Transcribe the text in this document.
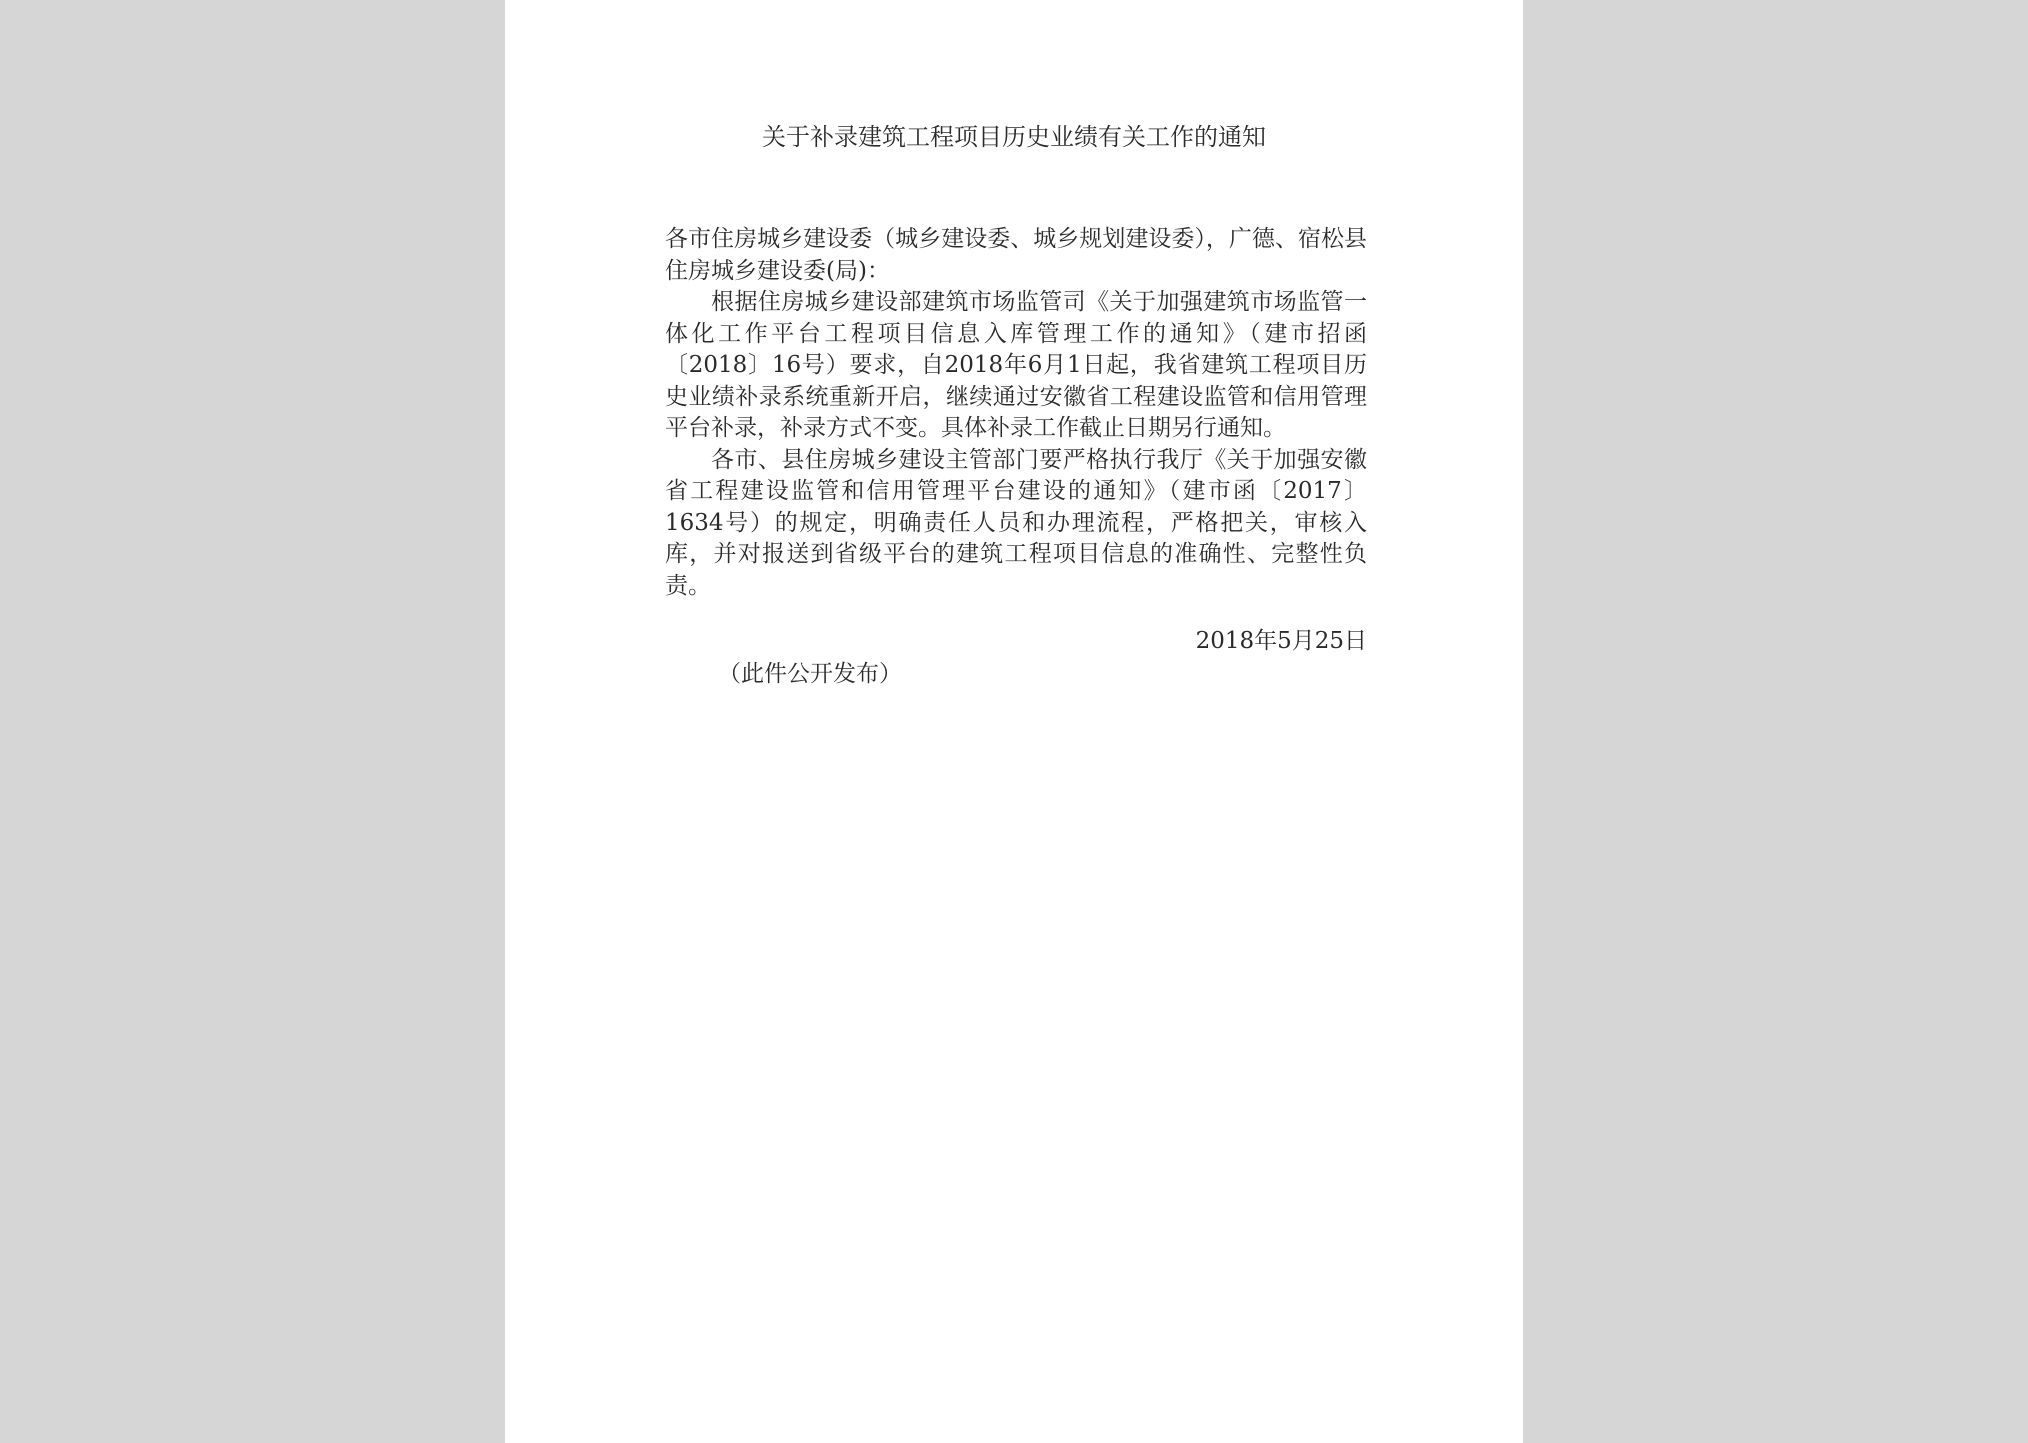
关于补录建筑工程项目历史业绩有关工作的通知

各市住房城乡建设委（城乡建设委、城乡规划建设委），广德、宿松县住房城乡建设委(局)：

根据住房城乡建设部建筑市场监管司《关于加强建筑市场监管一体化工作平台工程项目信息入库管理工作的通知》（建市招函〔2018〕16号）要求，自2018年6月1日起，我省建筑工程项目历史业绩补录系统重新开启，继续通过安徽省工程建设监管和信用管理平台补录，补录方式不变。具体补录工作截止日期另行通知。

各市、县住房城乡建设主管部门要严格执行我厅《关于加强安徽省工程建设监管和信用管理平台建设的通知》（建市函〔2017〕1634号）的规定，明确责任人员和办理流程，严格把关，审核入库，并对报送到省级平台的建筑工程项目信息的准确性、完整性负责。

2018年5月25日
（此件公开发布）
